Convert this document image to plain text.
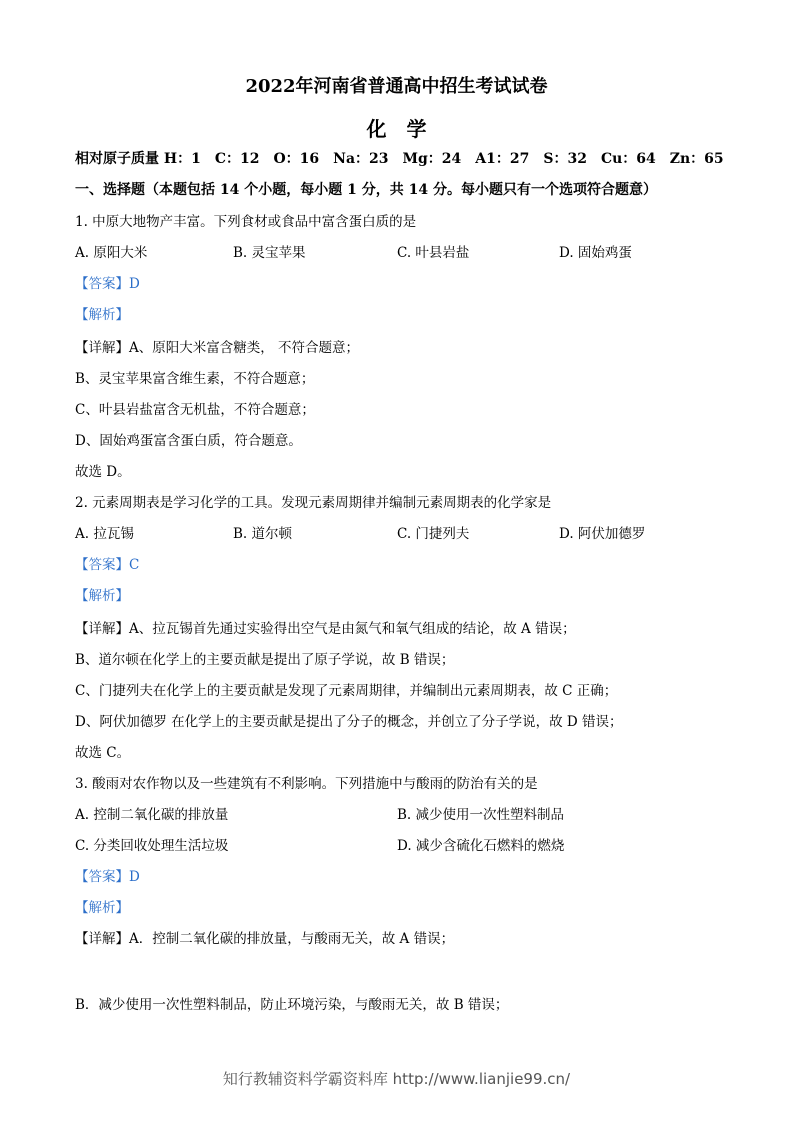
2022年河南省普通高中招生考试试卷
化　学
相对原子质量 H：1　C：12　O：16　Na：23　Mg：24　A1：27　S：32　Cu：64　Zn：65
一、选择题（本题包括 14 个小题，每小题 1 分，共 14 分。每小题只有一个选项符合题意）
1. 中原大地物产丰富。下列食材或食品中富含蛋白质的是
A. 原阳大米	B. 灵宝苹果	C. 叶县岩盐	D. 固始鸡蛋
【答案】D
【解析】
【详解】A、原阳大米富含糖类， 不符合题意；
B、灵宝苹果富含维生素，不符合题意；
C、叶县岩盐富含无机盐，不符合题意；
D、固始鸡蛋富含蛋白质，符合题意。
故选 D。
2. 元素周期表是学习化学的工具。发现元素周期律并编制元素周期表的化学家是
A. 拉瓦锡	B. 道尔顿	C. 门捷列夫	D. 阿伏加德罗
【答案】C
【解析】
【详解】A、拉瓦锡首先通过实验得出空气是由氮气和氧气组成的结论，故 A 错误；
B、道尔顿在化学上的主要贡献是提出了原子学说，故 B 错误；
C、门捷列夫在化学上的主要贡献是发现了元素周期律，并编制出元素周期表，故 C 正确；
D、阿伏加德罗 在化学上的主要贡献是提出了分子的概念，并创立了分子学说，故 D 错误；
故选 C。
3. 酸雨对农作物以及一些建筑有不利影响。下列措施中与酸雨的防治有关的是
A. 控制二氧化碳的排放量	B. 减少使用一次性塑料制品
C. 分类回收处理生活垃圾	D. 减少含硫化石燃料的燃烧
【答案】D
【解析】
【详解】A．控制二氧化碳的排放量，与酸雨无关，故 A 错误；
B．减少使用一次性塑料制品，防止环境污染，与酸雨无关，故 B 错误；
知行教辅资料学霸资料库 http://www.lianjie99.cn/
